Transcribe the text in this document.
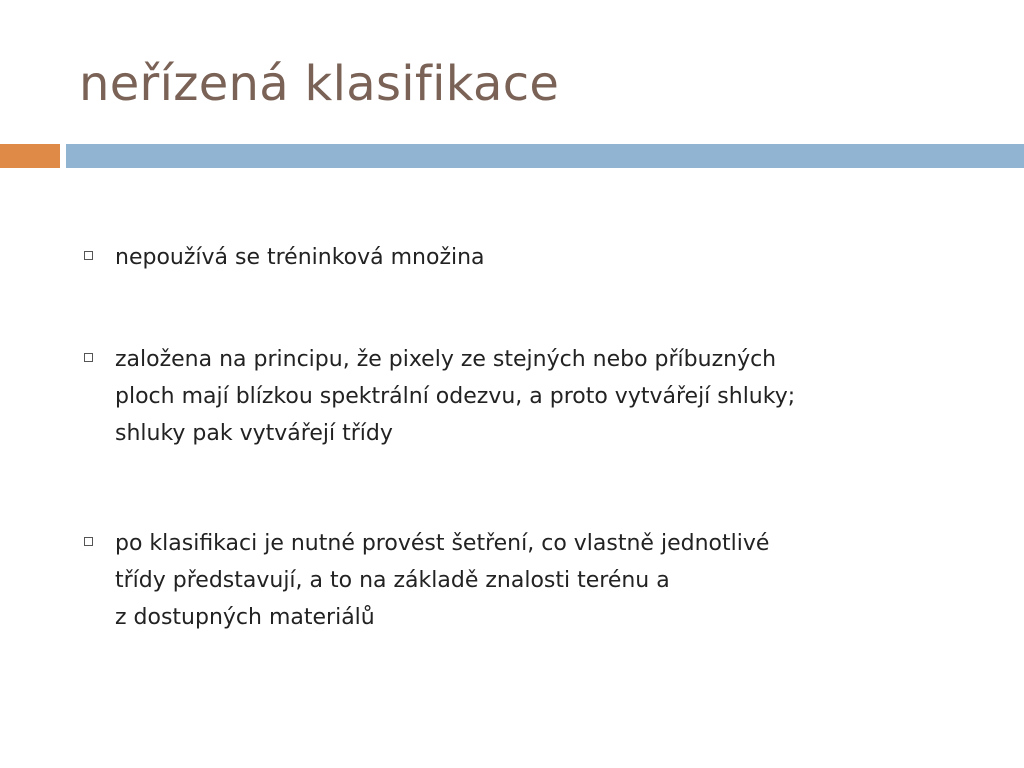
neřízená klasifikace
nepoužívá se tréninková množina
založena na principu, že pixely ze stejných nebo příbuzných
ploch mají blízkou spektrální odezvu, a proto vytvářejí shluky;
shluky pak vytvářejí třídy
po klasifikaci je nutné provést šetření, co vlastně jednotlivé
třídy představují, a to na základě znalosti terénu a
z dostupných materiálů
